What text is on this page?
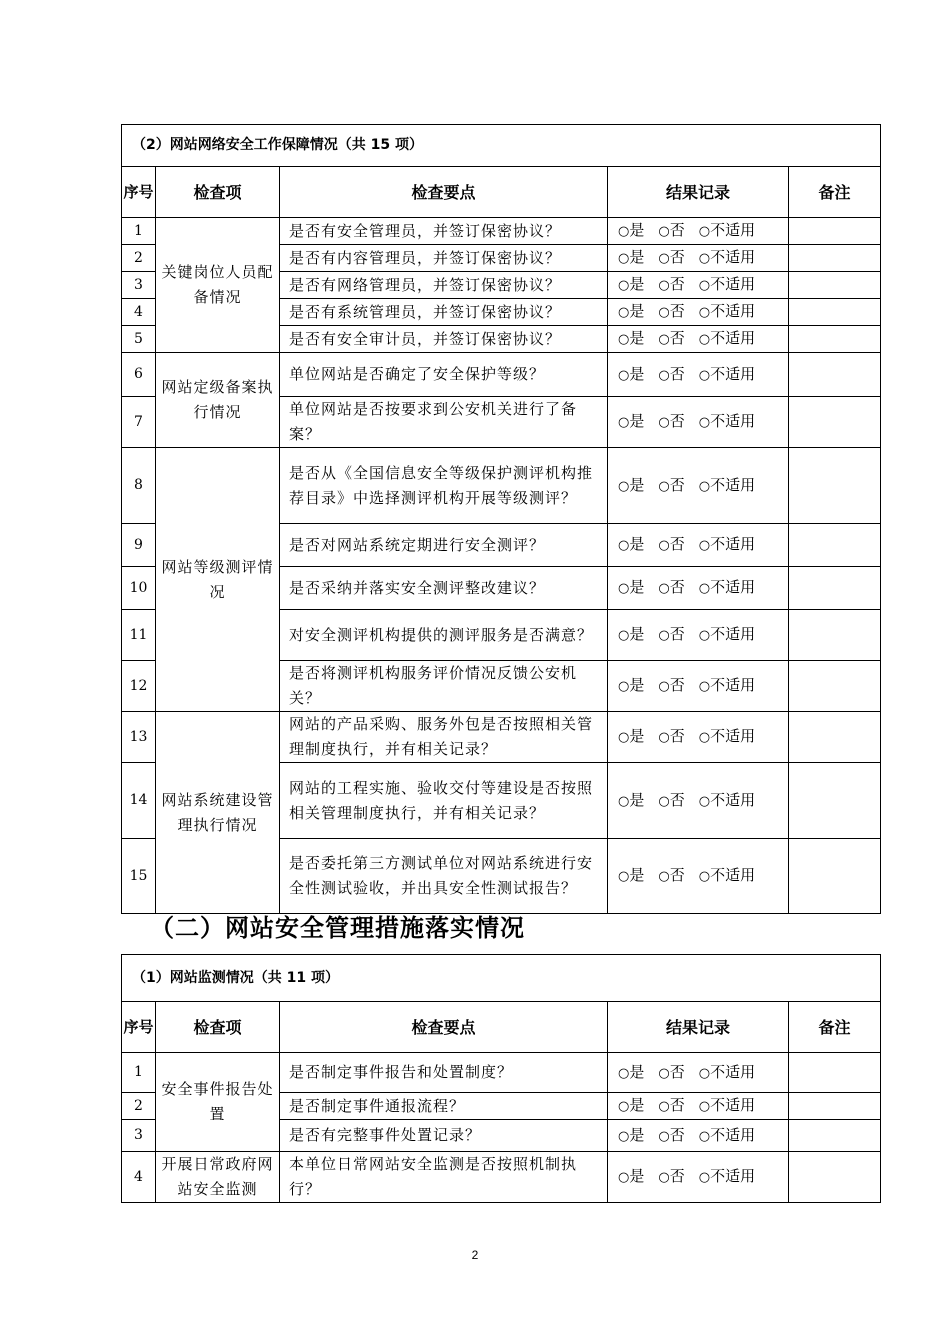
（2）网站网络安全工作保障情况（共 15 项）				
序号	检查项	检查要点	结果记录	备注
1	关键岗位人员配备情况	是否有安全管理员，并签订保密协议？	○是 ○否 ○不适用	
2		是否有内容管理员，并签订保密协议？	○是 ○否 ○不适用	
3		是否有网络管理员，并签订保密协议？	○是 ○否 ○不适用	
4		是否有系统管理员，并签订保密协议？	○是 ○否 ○不适用	
5		是否有安全审计员，并签订保密协议？	○是 ○否 ○不适用	
6	网站定级备案执行情况	单位网站是否确定了安全保护等级？	○是 ○否 ○不适用	
7		单位网站是否按要求到公安机关进行了备案？	○是 ○否 ○不适用	
8	网站等级测评情况	是否从《全国信息安全等级保护测评机构推荐目录》中选择测评机构开展等级测评？	○是 ○否 ○不适用	
9		是否对网站系统定期进行安全测评？	○是 ○否 ○不适用	
10		是否采纳并落实安全测评整改建议？	○是 ○否 ○不适用	
11		对安全测评机构提供的测评服务是否满意？	○是 ○否 ○不适用	
12		是否将测评机构服务评价情况反馈公安机关？	○是 ○否 ○不适用	
13	网站系统建设管理执行情况	网站的产品采购、服务外包是否按照相关管理制度执行，并有相关记录？	○是 ○否 ○不适用	
14		网站的工程实施、验收交付等建设是否按照相关管理制度执行，并有相关记录？	○是 ○否 ○不适用	
15		是否委托第三方测试单位对网站系统进行安全性测试验收，并出具安全性测试报告？	○是 ○否 ○不适用	
（二）网站安全管理措施落实情况
（1）网站监测情况（共 11 项）				
序号	检查项	检查要点	结果记录	备注
1	安全事件报告处置	是否制定事件报告和处置制度？	○是 ○否 ○不适用	
2		是否制定事件通报流程？	○是 ○否 ○不适用	
3		是否有完整事件处置记录？	○是 ○否 ○不适用	
4	开展日常政府网站安全监测	本单位日常网站安全监测是否按照机制执行？	○是 ○否 ○不适用	
2
